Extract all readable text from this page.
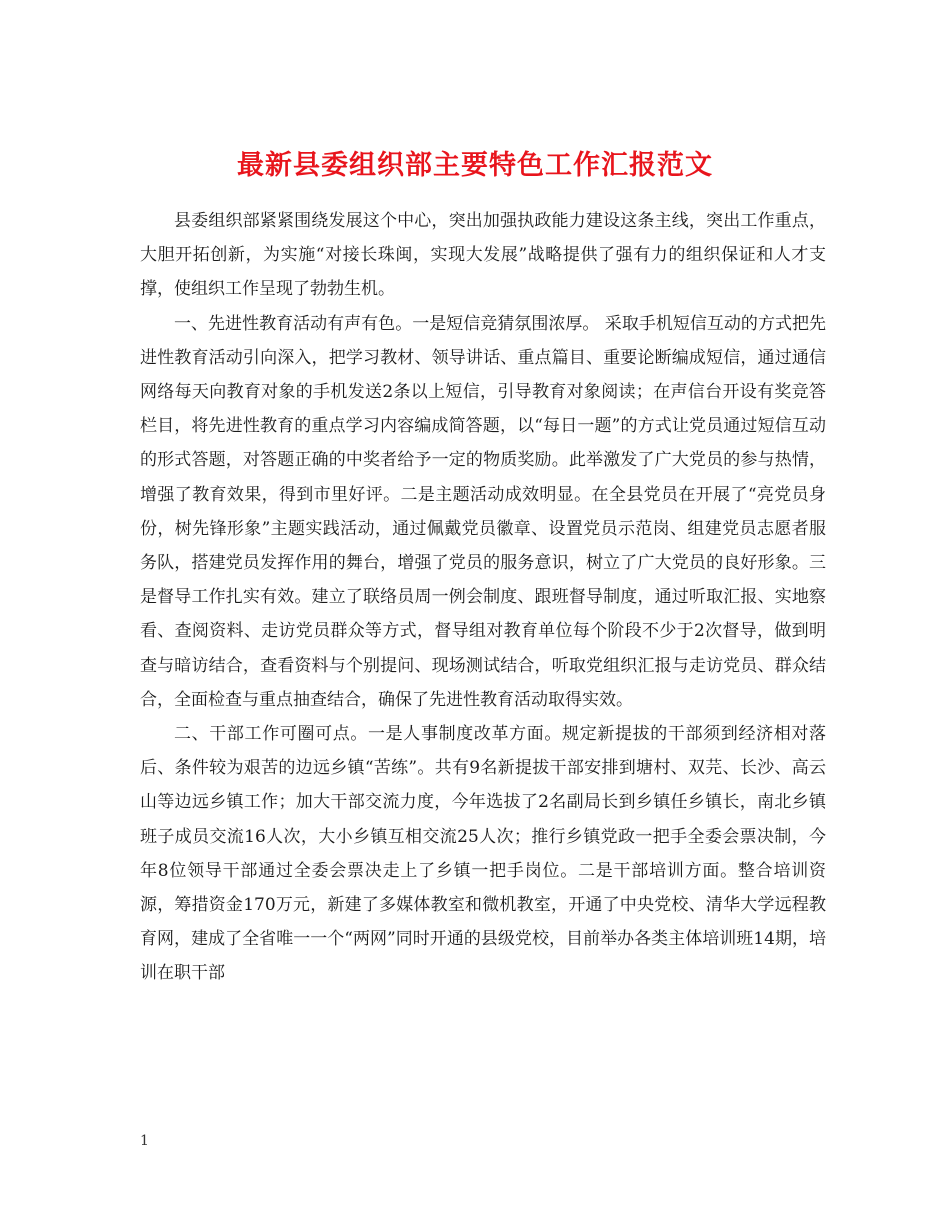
最新县委组织部主要特色工作汇报范文

县委组织部紧紧围绕发展这个中心，突出加强执政能力建设这条主线，突出工作重点，大胆开拓创新，为实施“对接长珠闽，实现大发展”战略提供了强有力的组织保证和人才支撑，使组织工作呈现了勃勃生机。

一、先进性教育活动有声有色。一是短信竞猜氛围浓厚。 采取手机短信互动的方式把先进性教育活动引向深入，把学习教材、领导讲话、重点篇目、重要论断编成短信，通过通信网络每天向教育对象的手机发送2条以上短信，引导教育对象阅读；在声信台开设有奖竞答栏目，将先进性教育的重点学习内容编成简答题，以“每日一题”的方式让党员通过短信互动的形式答题，对答题正确的中奖者给予一定的物质奖励。此举激发了广大党员的参与热情，增强了教育效果，得到市里好评。二是主题活动成效明显。在全县党员在开展了“亮党员身份，树先锋形象”主题实践活动，通过佩戴党员徽章、设置党员示范岗、组建党员志愿者服务队，搭建党员发挥作用的舞台，增强了党员的服务意识，树立了广大党员的良好形象。三是督导工作扎实有效。建立了联络员周一例会制度、跟班督导制度，通过听取汇报、实地察看、查阅资料、走访党员群众等方式，督导组对教育单位每个阶段不少于2次督导，做到明查与暗访结合，查看资料与个别提问、现场测试结合，听取党组织汇报与走访党员、群众结合，全面检查与重点抽查结合，确保了先进性教育活动取得实效。

二、干部工作可圈可点。一是人事制度改革方面。规定新提拔的干部须到经济相对落后、条件较为艰苦的边远乡镇“苦练”。共有9名新提拔干部安排到塘村、双芫、长沙、高云山等边远乡镇工作；加大干部交流力度，今年选拔了2名副局长到乡镇任乡镇长，南北乡镇班子成员交流16人次，大小乡镇互相交流25人次；推行乡镇党政一把手全委会票决制，今年8位领导干部通过全委会票决走上了乡镇一把手岗位。二是干部培训方面。整合培训资源，筹措资金170万元，新建了多媒体教室和微机教室，开通了中央党校、清华大学远程教育网，建成了全省唯一一个“两网”同时开通的县级党校，目前举办各类主体培训班14期，培训在职干部

1
